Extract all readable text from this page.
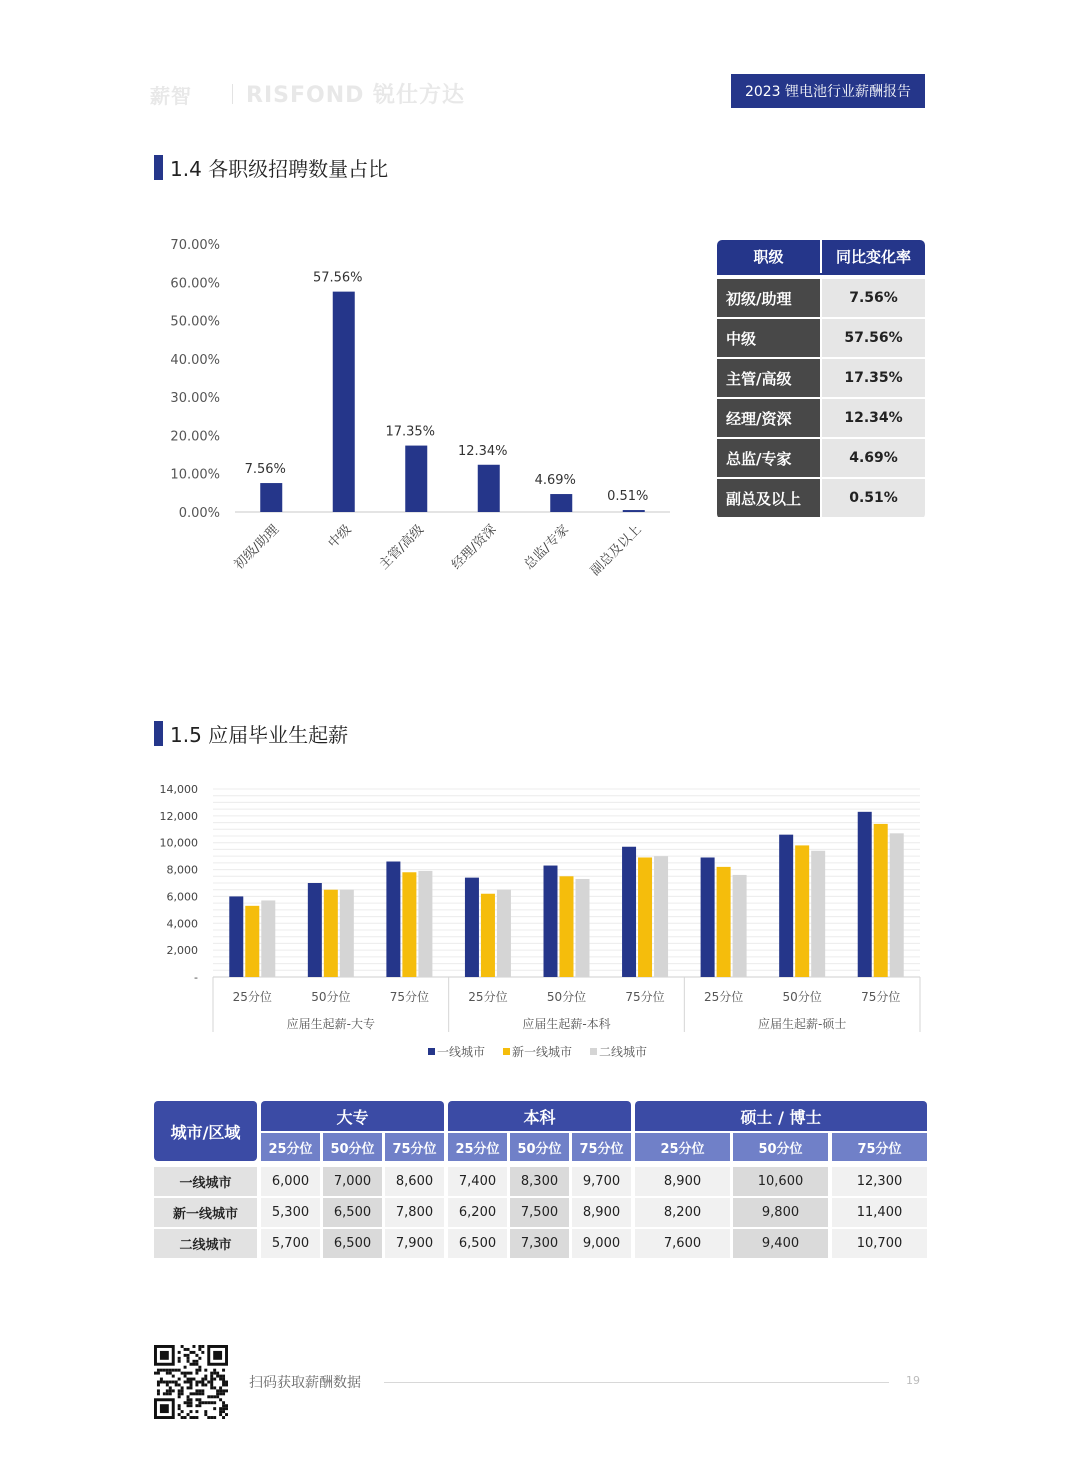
薪智 RISFOND 锐仕方达	2023 锂电池行业薪酬报告
1.4 各职级招聘数量占比
0.00%
10.00%
20.00%
30.00%
40.00%
50.00%
60.00%
70.00%
7.56%
初级/助理
57.56%
中级
17.35%
主管/高级
12.34%
经理/资深
4.69%
总监/专家
0.51%
副总及以上
职级	同比变化率
初级/助理	7.56%
中级	57.56%
主管/高级	17.35%
经理/资深	12.34%
总监/专家	4.69%
副总及以上	0.51%
1.5 应届毕业生起薪
-
2,000
4,000
6,000
8,000
10,000
12,000
14,000
25分位	50分位	75分位	25分位	50分位	75分位	25分位	50分位	75分位
应届生起薪-大专	应届生起薪-本科	应届生起薪-硕士
一线城市 新一线城市 二线城市
城市/区域
大专	本科	硕士 / 博士
25分位	50分位	75分位	25分位	50分位	75分位	25分位	50分位	75分位
一线城市	6,000	7,000	8,600	7,400	8,300	9,700	8,900	10,600	12,300
新一线城市	5,300	6,500	7,800	6,200	7,500	8,900	8,200	9,800	11,400
二线城市	5,700	6,500	7,900	6,500	7,300	9,000	7,600	9,400	10,700
扫码获取薪酬数据	19
